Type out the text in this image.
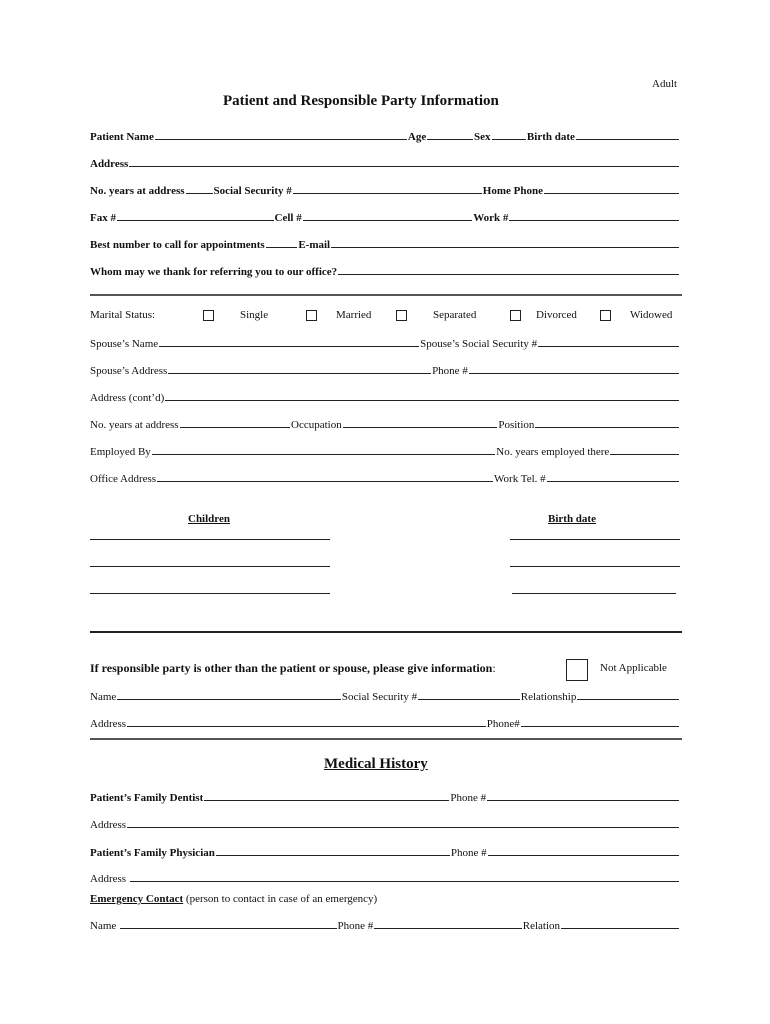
Adult
Patient and Responsible Party Information
Patient Name	Age	Sex	Birth date
Address
No. years at address	Social Security #	Home Phone
Fax #	Cell #	Work #
Best number to call for appointments	E-mail
Whom may we thank for referring you to our office?
Marital Status:	Single	Married	Separated	Divorced	Widowed
Spouse’s Name	Spouse’s Social Security #
Spouse’s Address	Phone #
Address (cont’d)
No. years at address	Occupation	Position
Employed By	No. years employed there
Office Address	Work Tel. #
Children	Birth date
If responsible party is other than the patient or spouse, please give information:	Not Applicable
Name	Social Security #	Relationship
Address	Phone#
Medical History
Patient’s Family Dentist	Phone #
Address
Patient’s Family Physician	Phone #
Address
Emergency Contact (person to contact in case of an emergency)
Name	Phone #	Relation
